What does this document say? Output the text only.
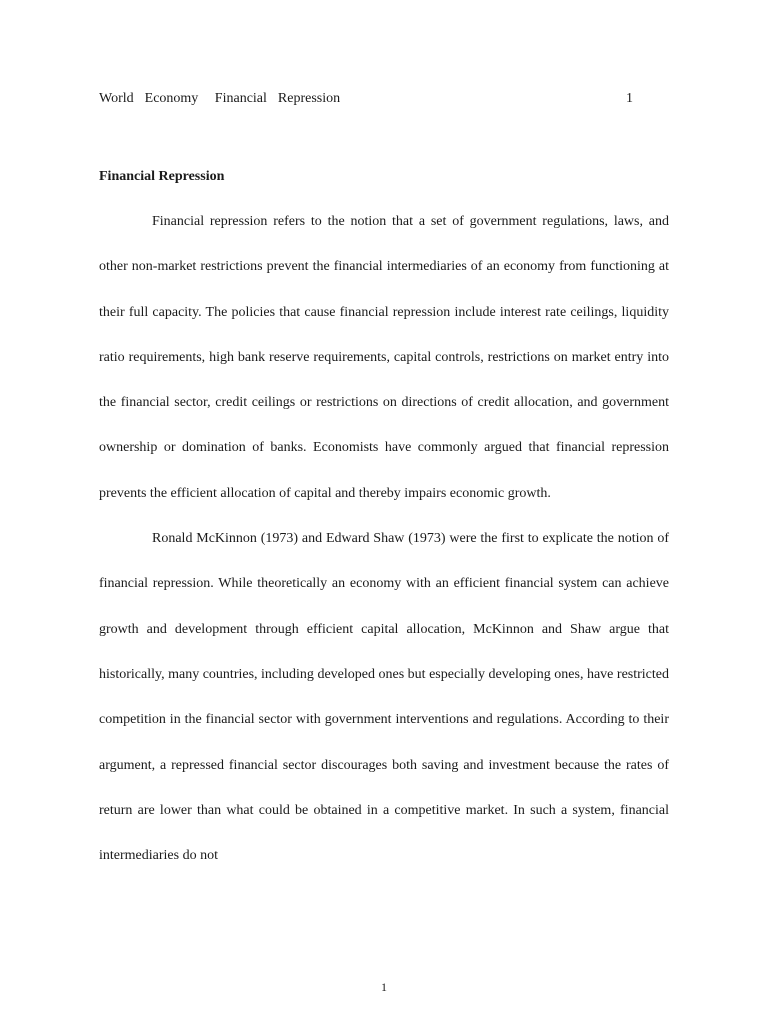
World  Economy   Financial  Repression	1
Financial Repression

Financial repression refers to the notion that a set of government regulations, laws, and other non-market restrictions prevent the financial intermediaries of an economy from functioning at their full capacity. The policies that cause financial repression include interest rate ceilings, liquidity ratio requirements, high bank reserve requirements, capital controls, restrictions on market entry into the financial sector, credit ceilings or restrictions on directions of credit allocation, and government ownership or domination of banks. Economists have commonly argued that financial repression prevents the efficient allocation of capital and thereby impairs economic growth.

Ronald McKinnon (1973) and Edward Shaw (1973) were the first to explicate the notion of financial repression. While theoretically an economy with an efficient financial system can achieve growth and development through efficient capital allocation, McKinnon and Shaw argue that historically, many countries, including developed ones but especially developing ones, have restricted competition in the financial sector with government interventions and regulations. According to their argument, a repressed financial sector discourages both saving and investment because the rates of return are lower than what could be obtained in a competitive market. In such a system, financial intermediaries do not

1
